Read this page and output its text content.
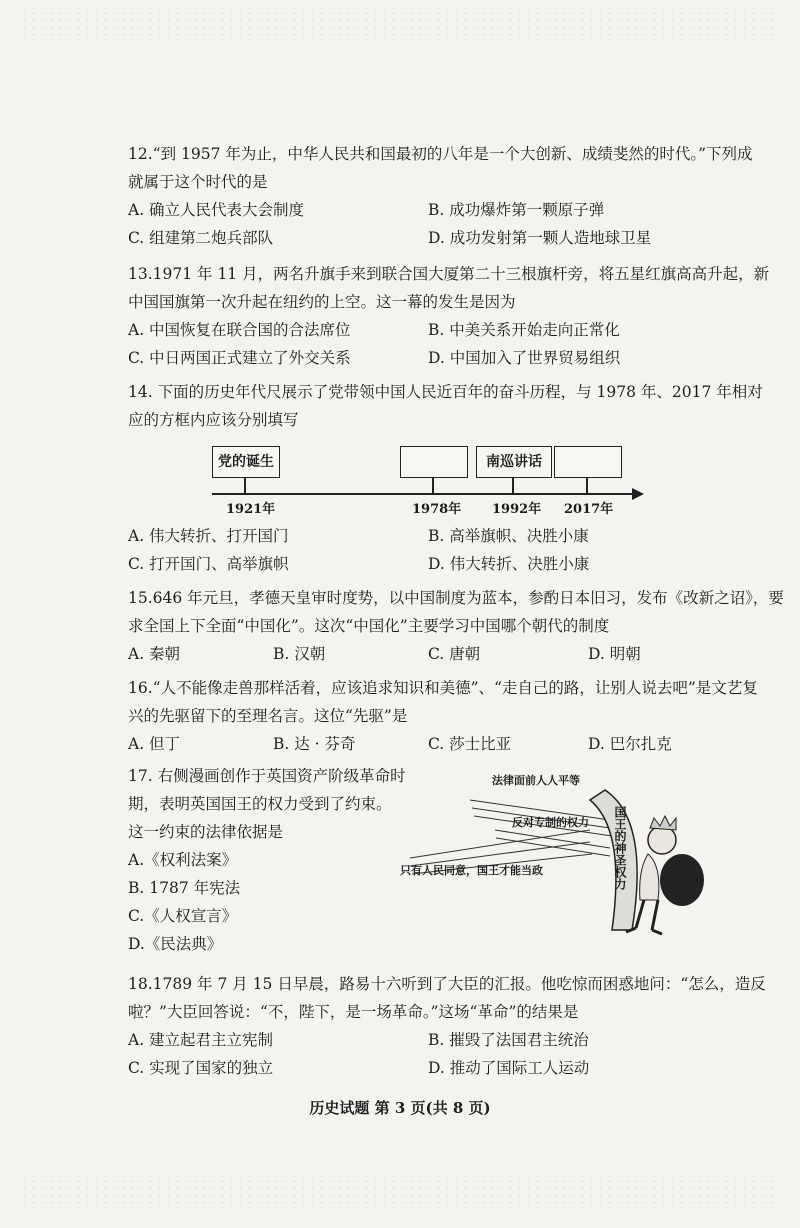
12.“到 1957 年为止，中华人民共和国最初的八年是一个大创新、成绩斐然的时代。”下列成
就属于这个时代的是
A. 确立人民代表大会制度	B. 成功爆炸第一颗原子弹
C. 组建第二炮兵部队	D. 成功发射第一颗人造地球卫星
13.1971 年 11 月，两名升旗手来到联合国大厦第二十三根旗杆旁，将五星红旗高高升起，新
中国国旗第一次升起在纽约的上空。这一幕的发生是因为
A. 中国恢复在联合国的合法席位	B. 中美关系开始走向正常化
C. 中日两国正式建立了外交关系	D. 中国加入了世界贸易组织
14. 下面的历史年代尺展示了党带领中国人民近百年的奋斗历程，与 1978 年、2017 年相对
应的方框内应该分别填写
党的诞生	南巡讲话
1921年	1978年 1992年 2017年
A. 伟大转折、打开国门	B. 高举旗帜、决胜小康
C. 打开国门、高举旗帜	D. 伟大转折、决胜小康
15.646 年元旦，孝德天皇审时度势，以中国制度为蓝本，参酌日本旧习，发布《改新之诏》，要
求全国上下全面“中国化”。这次“中国化”主要学习中国哪个朝代的制度
A. 秦朝	B. 汉朝	C. 唐朝	D. 明朝
16.“人不能像走兽那样活着，应该追求知识和美德”、“走自己的路，让别人说去吧”是文艺复
兴的先驱留下的至理名言。这位“先驱”是
A. 但丁	B. 达 · 芬奇	C. 莎士比亚	D. 巴尔扎克
17. 右侧漫画创作于英国资产阶级革命时
期，表明英国国王的权力受到了约束。
这一约束的法律依据是
A.《权利法案》
B. 1787 年宪法
C.《人权宣言》
D.《民法典》
法律面前人人平等
反对专制的权力
只有人民同意，国王才能当政	国王的神圣权力
18.1789 年 7 月 15 日早晨，路易十六听到了大臣的汇报。他吃惊而困惑地问：“怎么，造反
啦？”大臣回答说：“不，陛下，是一场革命。”这场“革命”的结果是
A. 建立起君主立宪制	B. 摧毁了法国君主统治
C. 实现了国家的独立	D. 推动了国际工人运动
历史试题 第 3 页(共 8 页)
